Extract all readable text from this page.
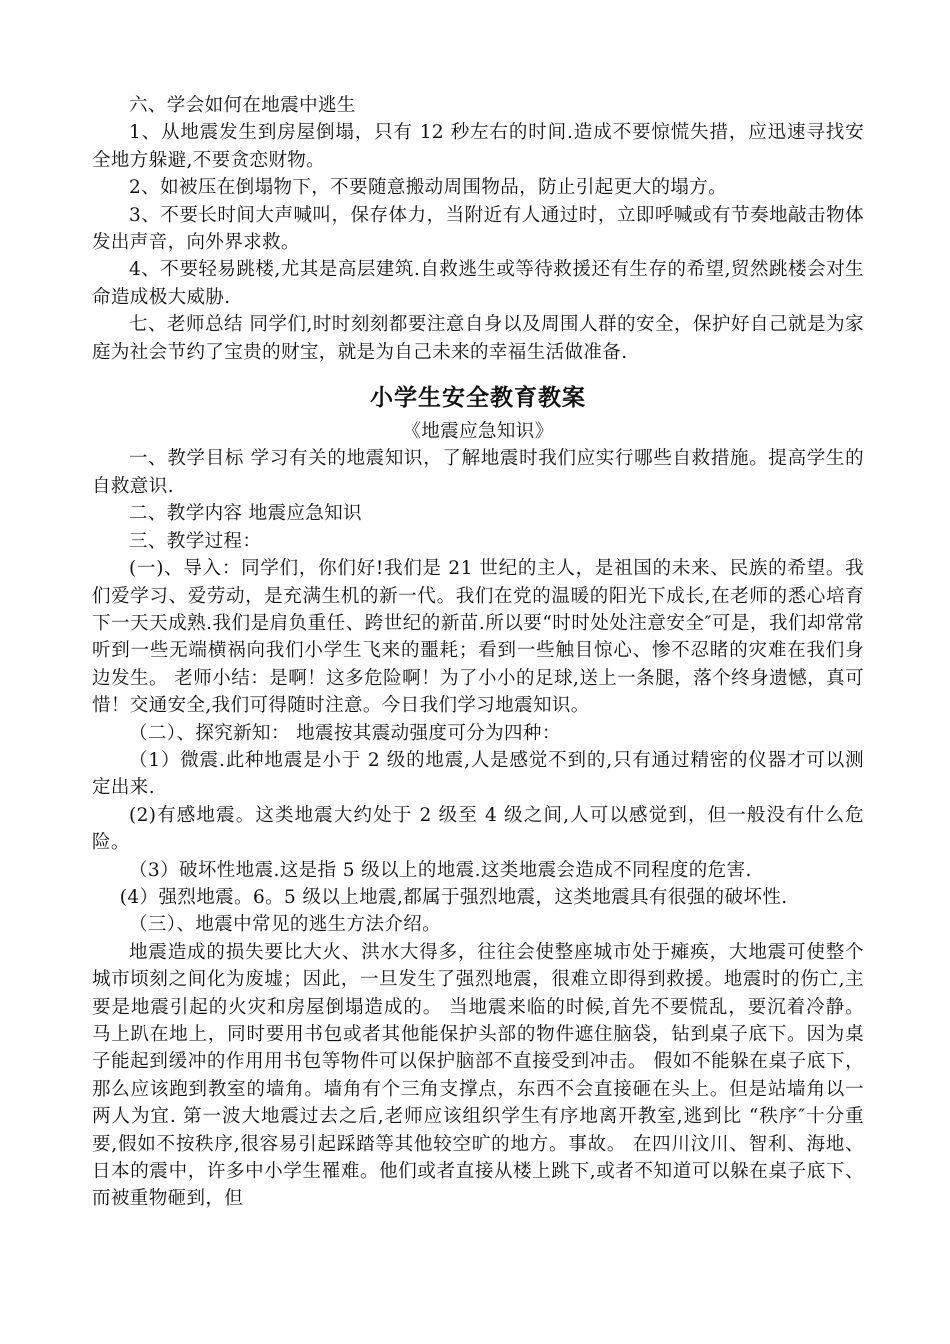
六、学会如何在地震中逃生

1、从地震发生到房屋倒塌，只有 12 秒左右的时间.造成不要惊慌失措，应迅速寻找安全地方躲避,不要贪恋财物。

2、如被压在倒塌物下，不要随意搬动周围物品，防止引起更大的塌方。

3、不要长时间大声喊叫，保存体力，当附近有人通过时，立即呼喊或有节奏地敲击物体发出声音，向外界求救。

4、不要轻易跳楼,尤其是高层建筑.自救逃生或等待救援还有生存的希望,贸然跳楼会对生命造成极大威胁.

七、老师总结 同学们,时时刻刻都要注意自身以及周围人群的安全，保护好自己就是为家庭为社会节约了宝贵的财宝，就是为自己未来的幸福生活做准备.

小学生安全教育教案

《地震应急知识》

一、教学目标 学习有关的地震知识，了解地震时我们应实行哪些自救措施。提高学生的自救意识.

二、教学内容 地震应急知识

三、教学过程：

(一)、导入：同学们，你们好!我们是 21 世纪的主人，是祖国的未来、民族的希望。我们爱学习、爱劳动，是充满生机的新一代。我们在党的温暖的阳光下成长,在老师的悉心培育下一天天成熟.我们是肩负重任、跨世纪的新苗.所以要“时时处处注意安全″可是，我们却常常听到一些无端横祸向我们小学生飞来的噩耗；看到一些触目惊心、惨不忍睹的灾难在我们身边发生。 老师小结：是啊！这多危险啊！为了小小的足球,送上一条腿，落个终身遗憾，真可惜！交通安全,我们可得随时注意。今日我们学习地震知识。

（二）、探究新知： 地震按其震动强度可分为四种：

（1）微震.此种地震是小于 2 级的地震,人是感觉不到的,只有通过精密的仪器才可以测定出来.

(2)有感地震。这类地震大约处于 2 级至 4 级之间,人可以感觉到，但一般没有什么危险。

（3）破坏性地震.这是指 5 级以上的地震.这类地震会造成不同程度的危害.

(4）强烈地震。6。5 级以上地震,都属于强烈地震，这类地震具有很强的破坏性.

（三）、地震中常见的逃生方法介绍。

地震造成的损失要比大火、洪水大得多，往往会使整座城市处于瘫痪，大地震可使整个城市顷刻之间化为废墟；因此，一旦发生了强烈地震，很难立即得到救援。地震时的伤亡,主要是地震引起的火灾和房屋倒塌造成的。 当地震来临的时候,首先不要慌乱，要沉着冷静。 马上趴在地上，同时要用书包或者其他能保护头部的物件遮住脑袋，钻到桌子底下。因为桌子能起到缓冲的作用用书包等物件可以保护脑部不直接受到冲击。 假如不能躲在桌子底下，那么应该跑到教室的墙角。墙角有个三角支撑点，东西不会直接砸在头上。但是站墙角以一两人为宜. 第一波大地震过去之后,老师应该组织学生有序地离开教室,逃到比 “秩序″十分重要,假如不按秩序,很容易引起踩踏等其他较空旷的地方。事故。 在四川汶川、智利、海地、日本的震中，许多中小学生罹难。他们或者直接从楼上跳下,或者不知道可以躲在桌子底下、而被重物砸到，但
